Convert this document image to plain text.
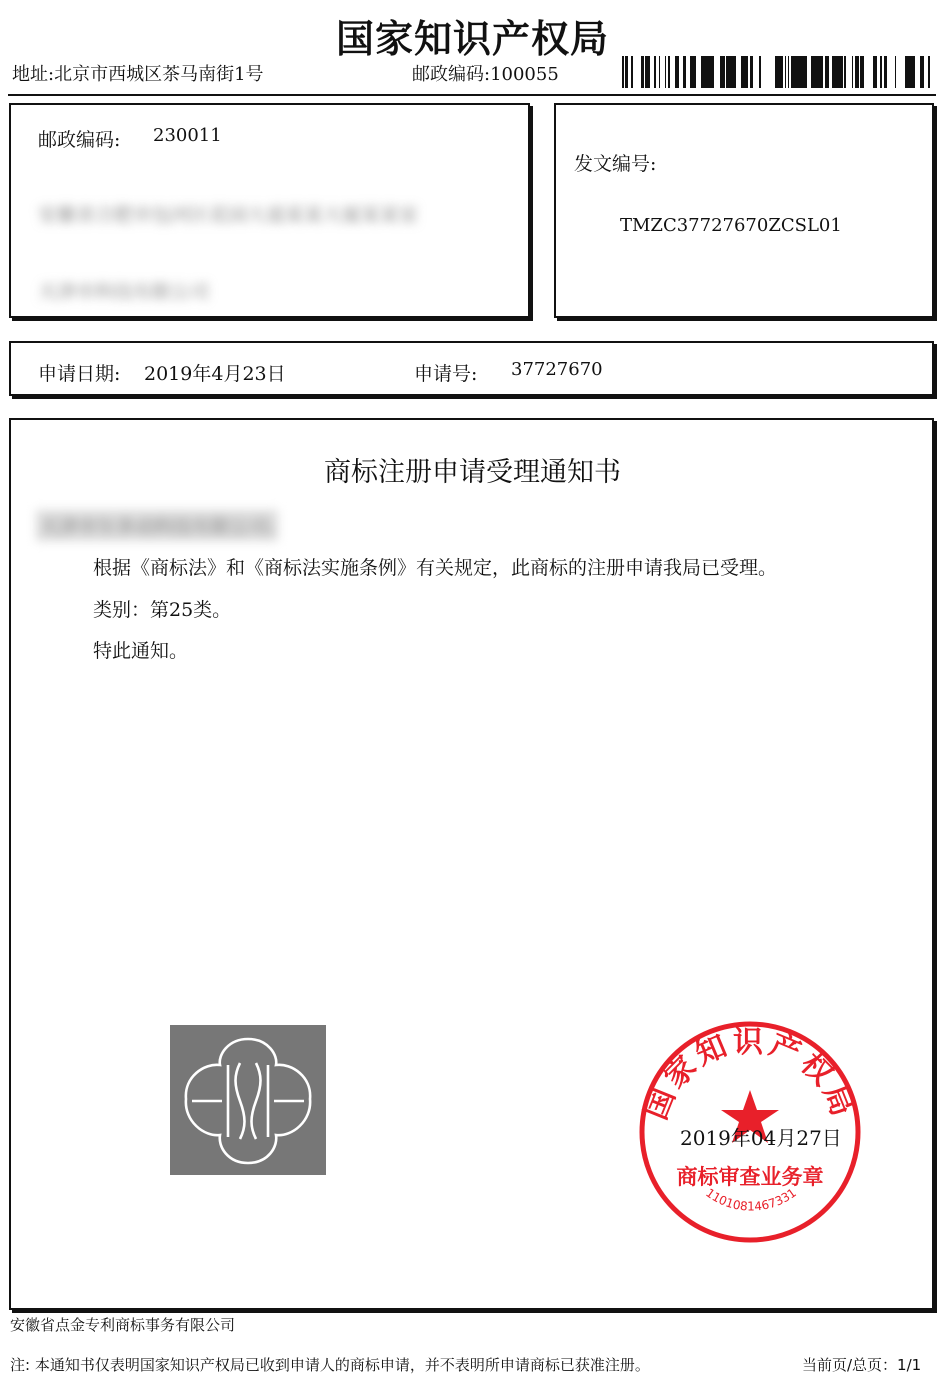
国家知识产权局
地址:北京市西城区茶马南街1号	邮政编码:100055
邮政编码: 230011
安徽省合肥市包河区花园大道某某大厦某某室
天津市科技有限公司
发文编号:
TMZC37727670ZCSL01
申请日期: 2019年4月23日	申请号: 37727670
商标注册申请受理通知书
天津市尔多动科技有限公司:
根据《商标法》和《商标法实施条例》有关规定，此商标的注册申请我局已受理。
类别：第25类。
特此通知。
国家知识产权局
商标审查业务章
1101081467331
2019年04月27日
安徽省点金专利商标事务有限公司
注: 本通知书仅表明国家知识产权局已收到申请人的商标申请，并不表明所申请商标已获准注册。	当前页/总页：1/1
